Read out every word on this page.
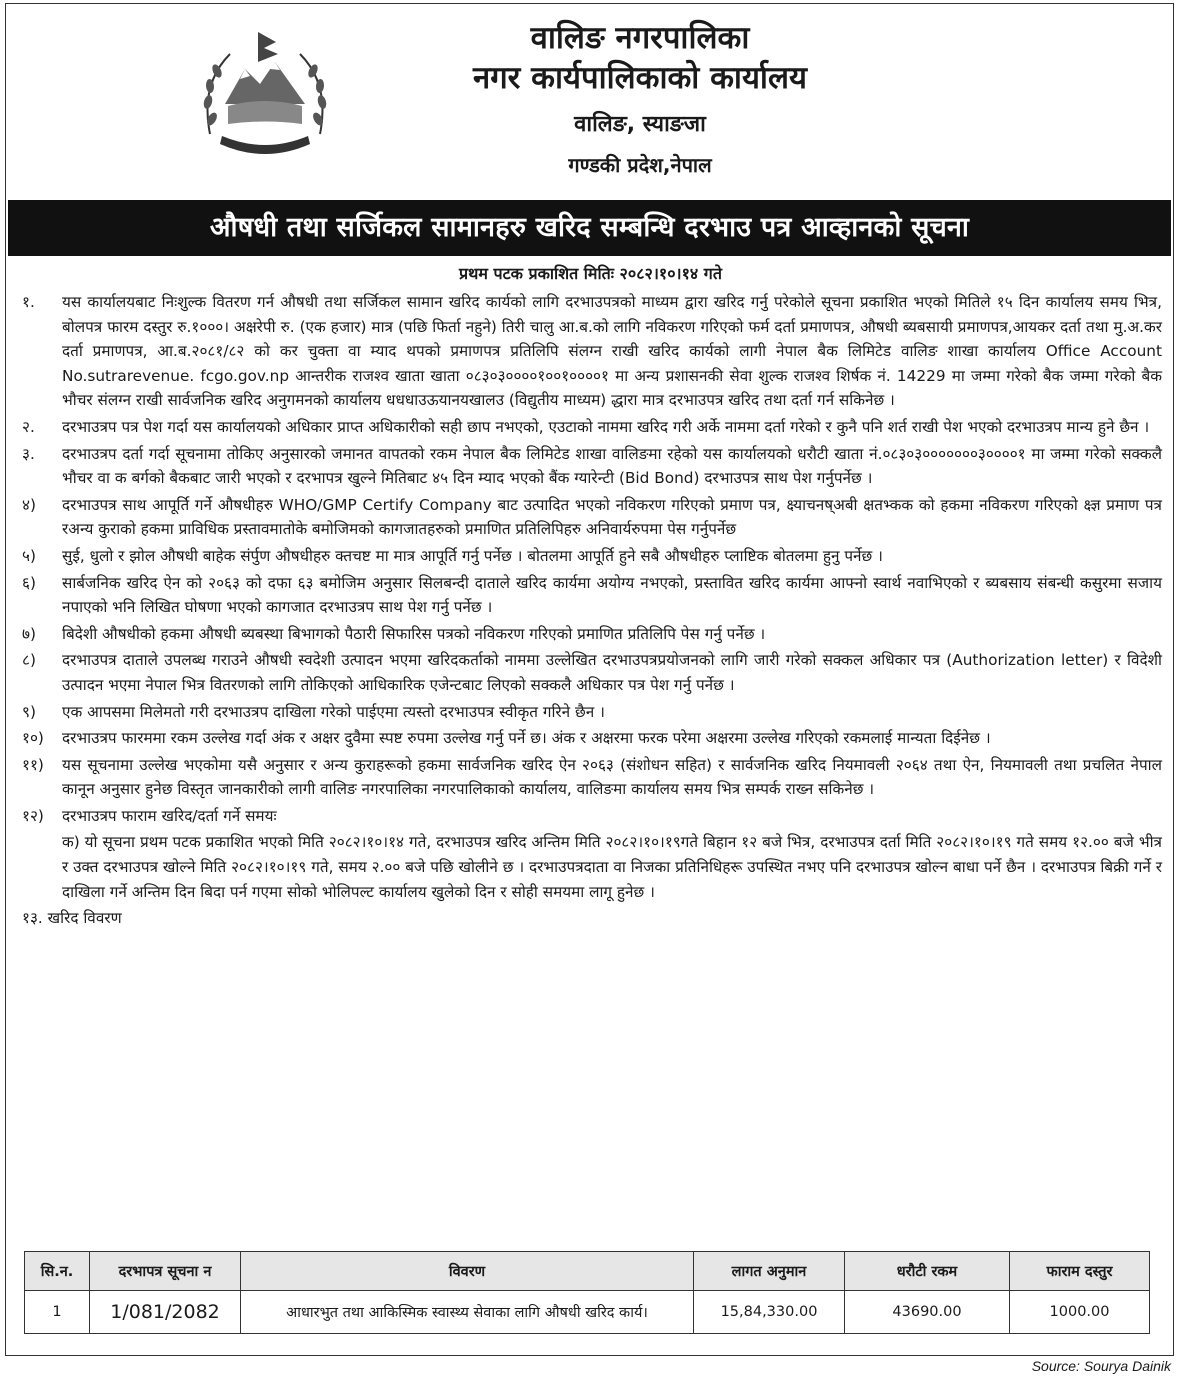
वालिङ नगरपालिका
नगर कार्यपालिकाको कार्यालय
वालिङ, स्याङजा
गण्डकी प्रदेश,नेपाल
औषधी तथा सर्जिकल सामानहरु खरिद सम्बन्धि दरभाउ पत्र आव्हानको सूचना
प्रथम पटक प्रकाशित मितिः २०८२।१०।१४ गते
१.	यस कार्यालयबाट निःशुल्क वितरण गर्न औषधी तथा सर्जिकल सामान खरिद कार्यको लागि दरभाउपत्रको माध्यम द्वारा खरिद गर्नु परेकोले सूचना प्रकाशित भएको मितिले १५ दिन कार्यालय समय भित्र, बोलपत्र फारम दस्तुर रु.१०००। अक्षरेपी रु. (एक हजार) मात्र (पछि फिर्ता नहुने) तिरी चालु आ.ब.को लागि नविकरण गरिएको फर्म दर्ता प्रमाणपत्र, औषधी ब्यबसायी प्रमाणपत्र,आयकर दर्ता तथा मु.अ.कर दर्ता प्रमाणपत्र, आ.ब.२०८१/८२ को कर चुक्ता वा म्याद थपको प्रमाणपत्र प्रतिलिपि संलग्न राखी खरिद कार्यको लागी नेपाल बैक लिमिटेड वालिङ शाखा कार्यालय Office Account No.sutrarevenue. fcgo.gov.np आन्तरीक राजश्व खाता खाता ०८३०३००००१००१००००१ मा अन्य प्रशासनकी सेवा शुल्क राजश्व शिर्षक नं. 14229 मा जम्मा गरेको बैक जम्मा गरेको बैक भौचर संलग्न राखी सार्वजनिक खरिद अनुगमनको कार्यालय धधधाउऊयानयखालउ (विद्युतीय माध्यम) द्धारा मात्र दरभाउपत्र खरिद तथा दर्ता गर्न सकिनेछ ।
२.	दरभाउत्रप पत्र पेश गर्दा यस कार्यालयको अधिकार प्राप्त अधिकारीको सही छाप नभएको, एउटाको नाममा खरिद गरी अर्के नाममा दर्ता गरेको र कुनै पनि शर्त राखी पेश भएको दरभाउत्रप मान्य हुने छैन ।
३.	दरभाउत्रप दर्ता गर्दा सूचनामा तोकिए अनुसारको जमानत वापतको रकम नेपाल बैक लिमिटेड शाखा वालिङमा रहेको यस कार्यालयको धरौटी खाता नं.०८३०३०००००००३००००१ मा जम्मा गरेको सक्कलै भौचर वा क बर्गको बैकबाट जारी भएको र दरभापत्र खुल्ने मितिबाट ४५ दिन म्याद भएको बैंक ग्यारेन्टी (Bid Bond) दरभाउपत्र साथ पेश गर्नुपर्नेछ ।
४)	दरभाउपत्र साथ आपूर्ति गर्ने औषधीहरु WHO/GMP Certify Company बाट उत्पादित भएको नविकरण गरिएको प्रमाण पत्र, क्ष्याचनष्अबी क्षतभ्कक को हकमा नविकरण गरिएको क्ष्ज्ञ प्रमाण पत्र रअन्य कुराको हकमा प्राविधिक प्रस्तावमातोके बमोजिमको कागजातहरुको प्रमाणित प्रतिलिपिहरु अनिवार्यरुपमा पेस गर्नुपर्नेछ
५)	सुई, धुलो र झोल औषधी बाहेक संर्पुण औषधीहरु क्तचष्ट मा मात्र आपूर्ति गर्नु पर्नेछ । बोतलमा आपूर्ति हुने सबै औषधीहरु प्लाष्टिक बोतलमा हुनु पर्नेछ ।
६)	सार्बजनिक खरिद ऐन को २०६३ को दफा ६३ बमोजिम अनुसार सिलबन्दी दाताले खरिद कार्यमा अयोग्य नभएको, प्रस्तावित खरिद कार्यमा आफ्नो स्वार्थ नवाभिएको र ब्यबसाय संबन्धी कसुरमा सजाय नपाएको भनि लिखित घोषणा भएको कागजात दरभाउत्रप साथ पेश गर्नु पर्नेछ ।
७)	बिदेशी औषधीको हकमा औषधी ब्यबस्था बिभागको पैठारी सिफारिस पत्रको नविकरण गरिएको प्रमाणित प्रतिलिपि पेस गर्नु पर्नेछ ।
८)	दरभाउपत्र दाताले उपलब्ध गराउने औषधी स्वदेशी उत्पादन भएमा खरिदकर्ताको नाममा उल्लेखित दरभाउपत्रप्रयोजनको लागि जारी गरेको सक्कल अधिकार पत्र (Authorization letter) र विदेशी उत्पादन भएमा नेपाल भित्र वितरणको लागि तोकिएको आधिकारिक एजेन्टबाट लिएको सक्कलै अधिकार पत्र पेश गर्नु पर्नेछ ।
९)	एक आपसमा मिलेमतो गरी दरभाउत्रप दाखिला गरेको पाईएमा त्यस्तो दरभाउपत्र स्वीकृत गरिने छैन ।
१०)	दरभाउत्रप फारममा रकम उल्लेख गर्दा अंक र अक्षर दुवैमा स्पष्ट रुपमा उल्लेख गर्नु पर्ने छ। अंक र अक्षरमा फरक परेमा अक्षरमा उल्लेख गरिएको रकमलाई मान्यता दिईनेछ ।
११)	यस सूचनामा उल्लेख भएकोमा यसै अनुसार र अन्य कुराहरूको हकमा सार्वजनिक खरिद ऐन २०६३ (संशोधन सहित) र सार्वजनिक खरिद नियमावली २०६४ तथा ऐन, नियमावली तथा प्रचलित नेपाल कानून अनुसार हुनेछ विस्तृत जानकारीको लागी वालिङ नगरपालिका नगरपालिकाको कार्यालय, वालिङमा कार्यालय समय भित्र सम्पर्क राख्न सकिनेछ ।
१२)	दरभाउत्रप फाराम खरिद/दर्ता गर्ने समयः
क) यो सूचना प्रथम पटक प्रकाशित भएको मिति २०८२।१०।१४ गते, दरभाउपत्र खरिद अन्तिम मिति २०८२।१०।१९गते बिहान १२ बजे भित्र, दरभाउपत्र दर्ता मिति २०८२।१०।१९ गते समय १२.०० बजे भीत्र र उक्त दरभाउपत्र खोल्ने मिति २०८२।१०।१९ गते, समय २.०० बजे पछि खोलीने छ । दरभाउपत्रदाता वा निजका प्रतिनिधिहरू उपस्थित नभए पनि दरभाउपत्र खोल्न बाधा पर्ने छैन । दरभाउपत्र बिक्री गर्ने र दाखिला गर्ने अन्तिम दिन बिदा पर्न गएमा सोको भोलिपल्ट कार्यालय खुलेको दिन र सोही समयमा लागू हुनेछ ।
१३. खरिद विवरण
सि.न.	दरभापत्र सूचना न	विवरण	लागत अनुमान	धरौटी रकम	फाराम दस्तुर
1	1/081/2082	आधारभुत तथा आकिस्मिक स्वास्थ्य सेवाका लागि औषधी खरिद कार्य।	15,84,330.00	43690.00	1000.00
Source: Sourya Dainik
